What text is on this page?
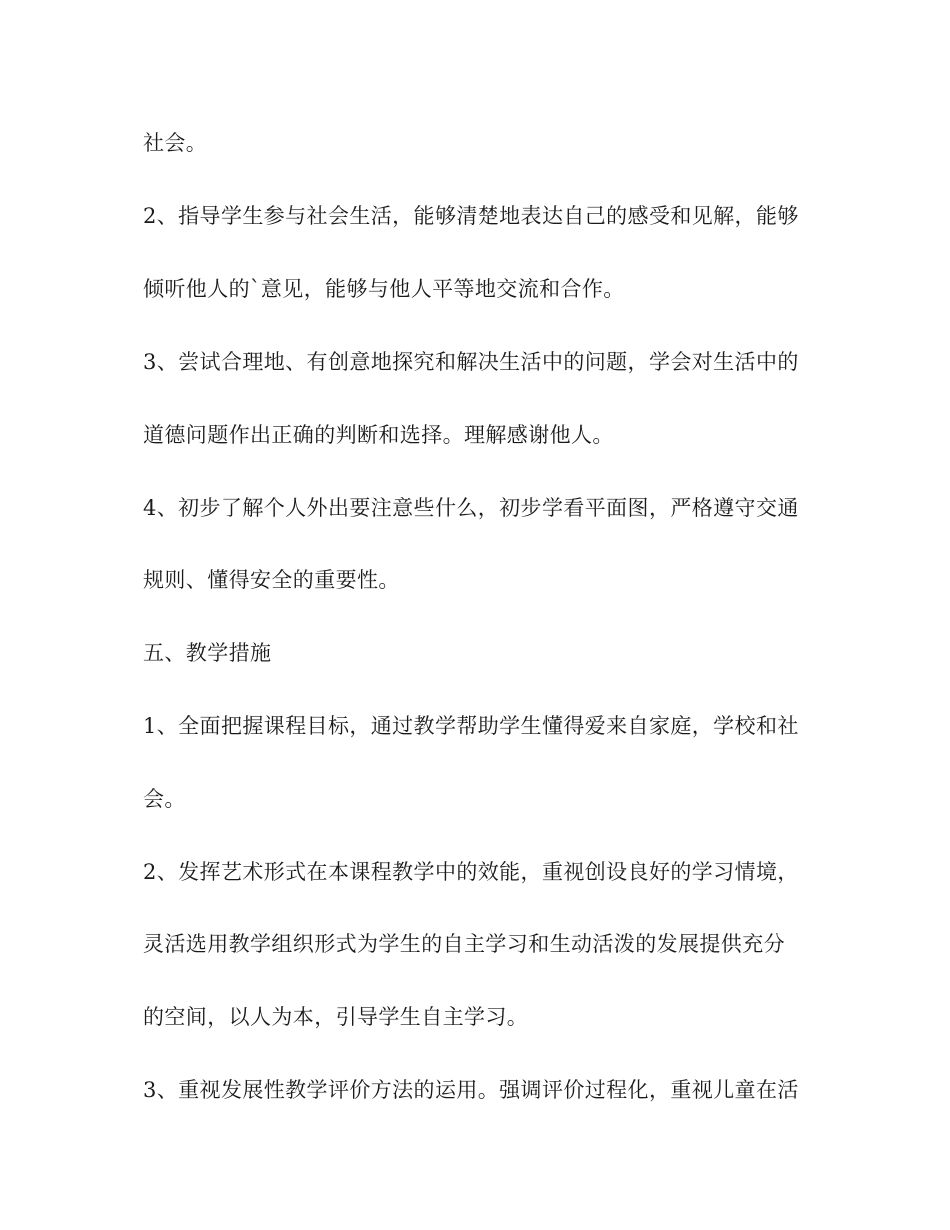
社会。

2、指导学生参与社会生活，能够清楚地表达自己的感受和见解，能够

倾听他人的`意见，能够与他人平等地交流和合作。

3、尝试合理地、有创意地探究和解决生活中的问题，学会对生活中的

道德问题作出正确的判断和选择。理解感谢他人。

4、初步了解个人外出要注意些什么，初步学看平面图，严格遵守交通

规则、懂得安全的重要性。

五、教学措施

1、全面把握课程目标，通过教学帮助学生懂得爱来自家庭，学校和社

会。

2、发挥艺术形式在本课程教学中的效能，重视创设良好的学习情境，

灵活选用教学组织形式为学生的自主学习和生动活泼的发展提供充分

的空间，以人为本，引导学生自主学习。

3、重视发展性教学评价方法的运用。强调评价过程化，重视儿童在活
